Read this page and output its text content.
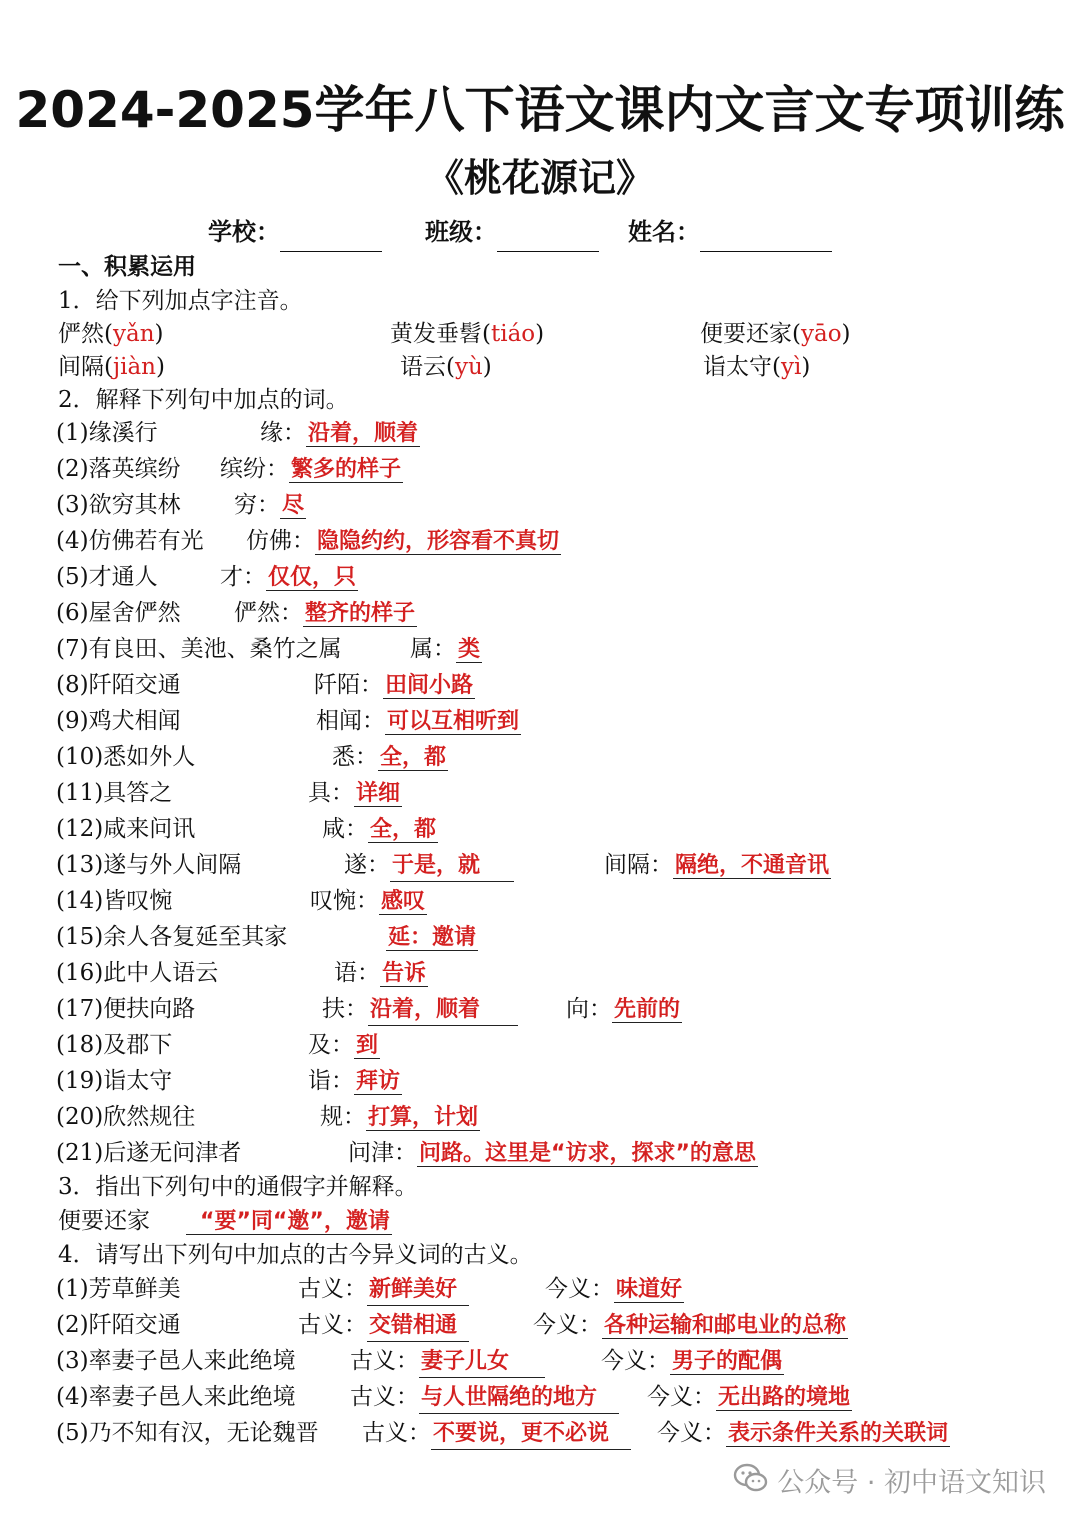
2024-2025学年八下语文课内文言文专项训练
《桃花源记》
学校：	班级：	姓名：
一、积累运用
1．给下列加点字注音。
俨然(yǎn)	黄发垂髫(tiáo)	便要还家(yāo)
间隔(jiàn)	语云(yù)	诣太守(yì)
2．解释下列句中加点的词。
(1)缘溪行	缘：沿着，顺着
(2)落英缤纷 缤纷：繁多的样子
(3)欲穷其林 穷：尽
(4)仿佛若有光 仿佛：隐隐约约，形容看不真切
(5)才通人	才：仅仅，只
(6)屋舍俨然 俨然：整齐的样子
(7)有良田、美池、桑竹之属	属：类
(8)阡陌交通	阡陌：田间小路
(9)鸡犬相闻	相闻：可以互相听到
(10)悉如外人	悉：全，都
(11)具答之	具：详细
(12)咸来问讯	咸：全，都
(13)遂与外人间隔	遂：于是，就	间隔：隔绝，不通音讯
(14)皆叹惋	叹惋：感叹
(15)余人各复延至其家	延：邀请
(16)此中人语云	语：告诉
(17)便扶向路	扶：沿着，顺着	向：先前的
(18)及郡下	及：到
(19)诣太守	诣：拜访
(20)欣然规往	规：打算，计划
(21)后遂无问津者	问津：问路。这里是“访求，探求”的意思
3．指出下列句中的通假字并解释。
便要还家 “要”同“邀”，邀请
4．请写出下列句中加点的古今异义词的古义。
(1)芳草鲜美	古义：新鲜美好	今义：味道好
(2)阡陌交通	古义：交错相通	今义：各种运输和邮电业的总称
(3)率妻子邑人来此绝境 古义：妻子儿女	今义：男子的配偶
(4)率妻子邑人来此绝境 古义：与人世隔绝的地方 今义：无出路的境地
(5)乃不知有汉，无论魏晋 古义：不要说，更不必说 今义：表示条件关系的关联词
公众号 · 初中语文知识
